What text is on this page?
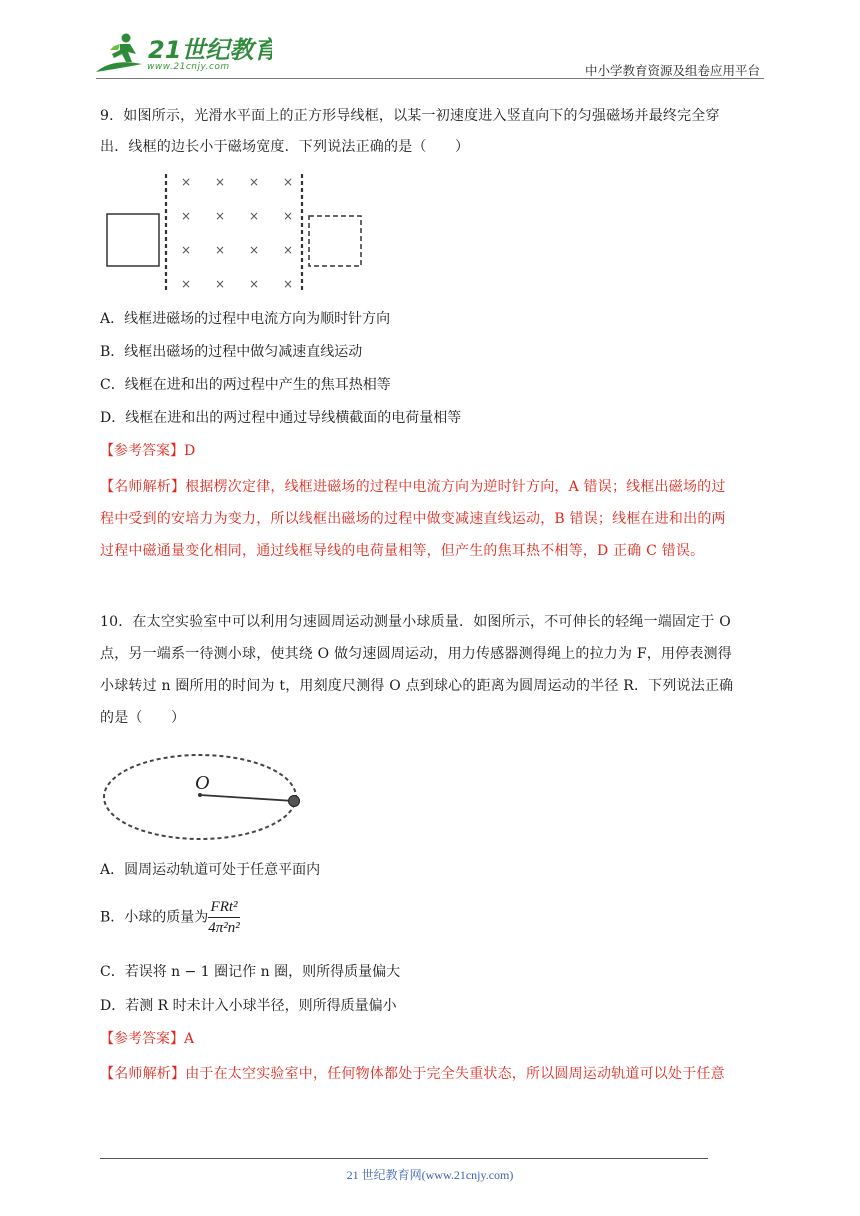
21世纪教育
www.21cnjy.com	中小学教育资源及组卷应用平台
9．如图所示，光滑水平面上的正方形导线框，以某一初速度进入竖直向下的匀强磁场并最终完全穿
出．线框的边长小于磁场宽度．下列说法正确的是（　　）
× × × ×
× × × ×
× × × ×
× × × ×
A．线框进磁场的过程中电流方向为顺时针方向
B．线框出磁场的过程中做匀减速直线运动
C．线框在进和出的两过程中产生的焦耳热相等
D．线框在进和出的两过程中通过导线横截面的电荷量相等
【参考答案】D
【名师解析】根据楞次定律，线框进磁场的过程中电流方向为逆时针方向，A 错误；线框出磁场的过
程中受到的安培力为变力，所以线框出磁场的过程中做变减速直线运动，B 错误；线框在进和出的两
过程中磁通量变化相同，通过线框导线的电荷量相等，但产生的焦耳热不相等，D 正确 C 错误。
10．在太空实验室中可以利用匀速圆周运动测量小球质量．如图所示，不可伸长的轻绳一端固定于 O
点，另一端系一待测小球，使其绕 O 做匀速圆周运动，用力传感器测得绳上的拉力为 F，用停表测得
小球转过 n 圈所用的时间为 t，用刻度尺测得 O 点到球心的距离为圆周运动的半径 R．下列说法正确
的是（　　）
O
A．圆周运动轨道可处于任意平面内
B．小球的质量为 $\frac{\text{FRt²}}{\text{4π²n²}}$
C．若误将 n − 1 圈记作 n 圈，则所得质量偏大
D．若测 R 时未计入小球半径，则所得质量偏小
【参考答案】A
【名师解析】由于在太空实验室中，任何物体都处于完全失重状态，所以圆周运动轨道可以处于任意
21 世纪教育网(www.21cnjy.com)
